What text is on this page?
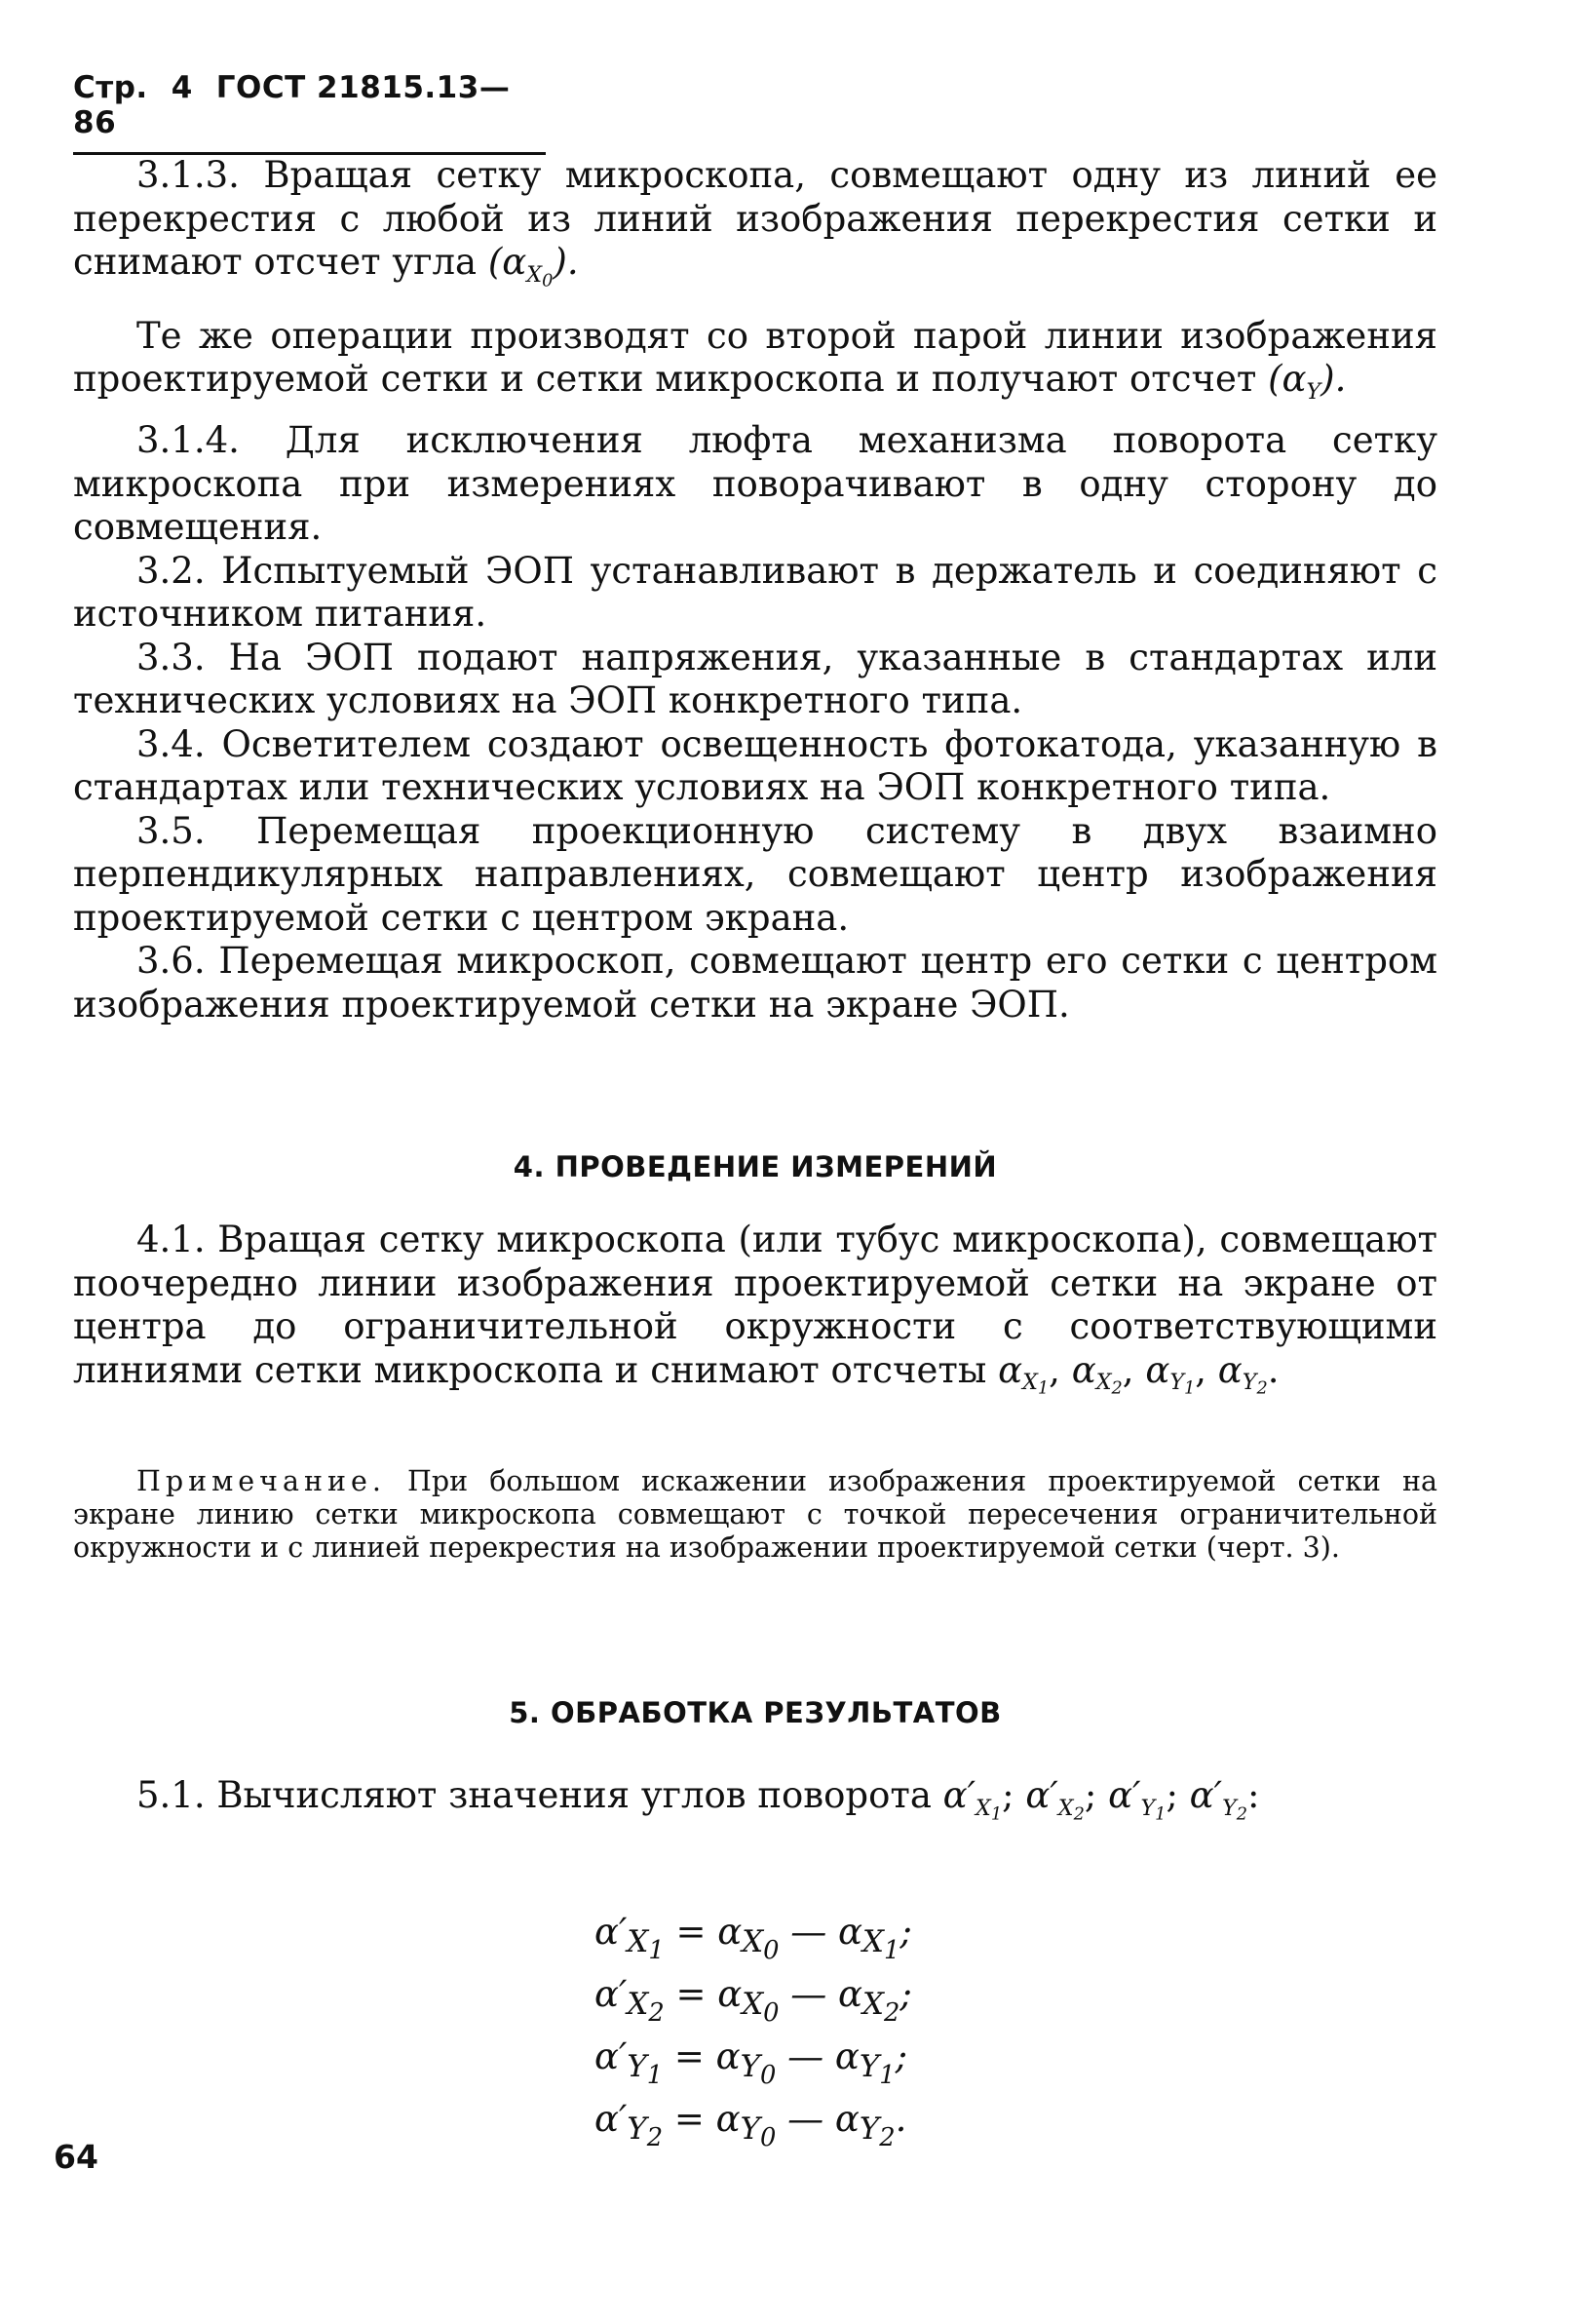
Стр. 4 ГОСТ 21815.13—86

3.1.3. Вращая сетку микроскопа, совмещают одну из линий ее перекрестия с любой из линий изображения перекрестия сетки и снимают отсчет угла $(\alpha_{X_0})$.

Те же операции производят со второй парой линии изображения проектируемой сетки и сетки микроскопа и получают отсчет $(\alpha_Y)$.

3.1.4. Для исключения люфта механизма поворота сетку микроскопа при измерениях поворачивают в одну сторону до совмещения.

3.2. Испытуемый ЭОП устанавливают в держатель и соединяют с источником питания.

3.3. На ЭОП подают напряжения, указанные в стандартах или технических условиях на ЭОП конкретного типа.

3.4. Осветителем создают освещенность фотокатода, указанную в стандартах или технических условиях на ЭОП конкретного типа.

3.5. Перемещая проекционную систему в двух взаимно перпендикулярных направлениях, совмещают центр изображения проектируемой сетки с центром экрана.

3.6. Перемещая микроскоп, совмещают центр его сетки с центром изображения проектируемой сетки на экране ЭОП.

4. ПРОВЕДЕНИЕ ИЗМЕРЕНИЙ

4.1. Вращая сетку микроскопа (или тубус микроскопа), совмещают поочередно линии изображения проектируемой сетки на экране от центра до ограничительной окружности с соответствующими линиями сетки микроскопа и снимают отсчеты $\alpha_{X_1}$, $\alpha_{X_2}$, $\alpha_{Y_1}$, $\alpha_{Y_2}$.

Примечание. При большом искажении изображения проектируемой сетки на экране линию сетки микроскопа совмещают с точкой пересечения ограничительной окружности и с линией перекрестия на изображении проектируемой сетки (черт. 3).
5. ОБРАБОТКА РЕЗУЛЬТАТОВ

5.1. Вычисляют значения углов поворота $\alpha'_{X_1}$; $\alpha'_{X_2}$; $\alpha'_{Y_1}$; $\alpha'_{Y_2}$:

$\alpha'_{X_1} = \alpha_{X_0}$ — $\alpha_{X_1}$;
$\alpha'_{X_2} = \alpha_{X_0}$ — $\alpha_{X_2}$;
$\alpha'_{Y_1} = \alpha_{Y_0}$ — $\alpha_{Y_1}$;
$\alpha'_{Y_2} = \alpha_{Y_0}$ — $\alpha_{Y_2}$.
64
